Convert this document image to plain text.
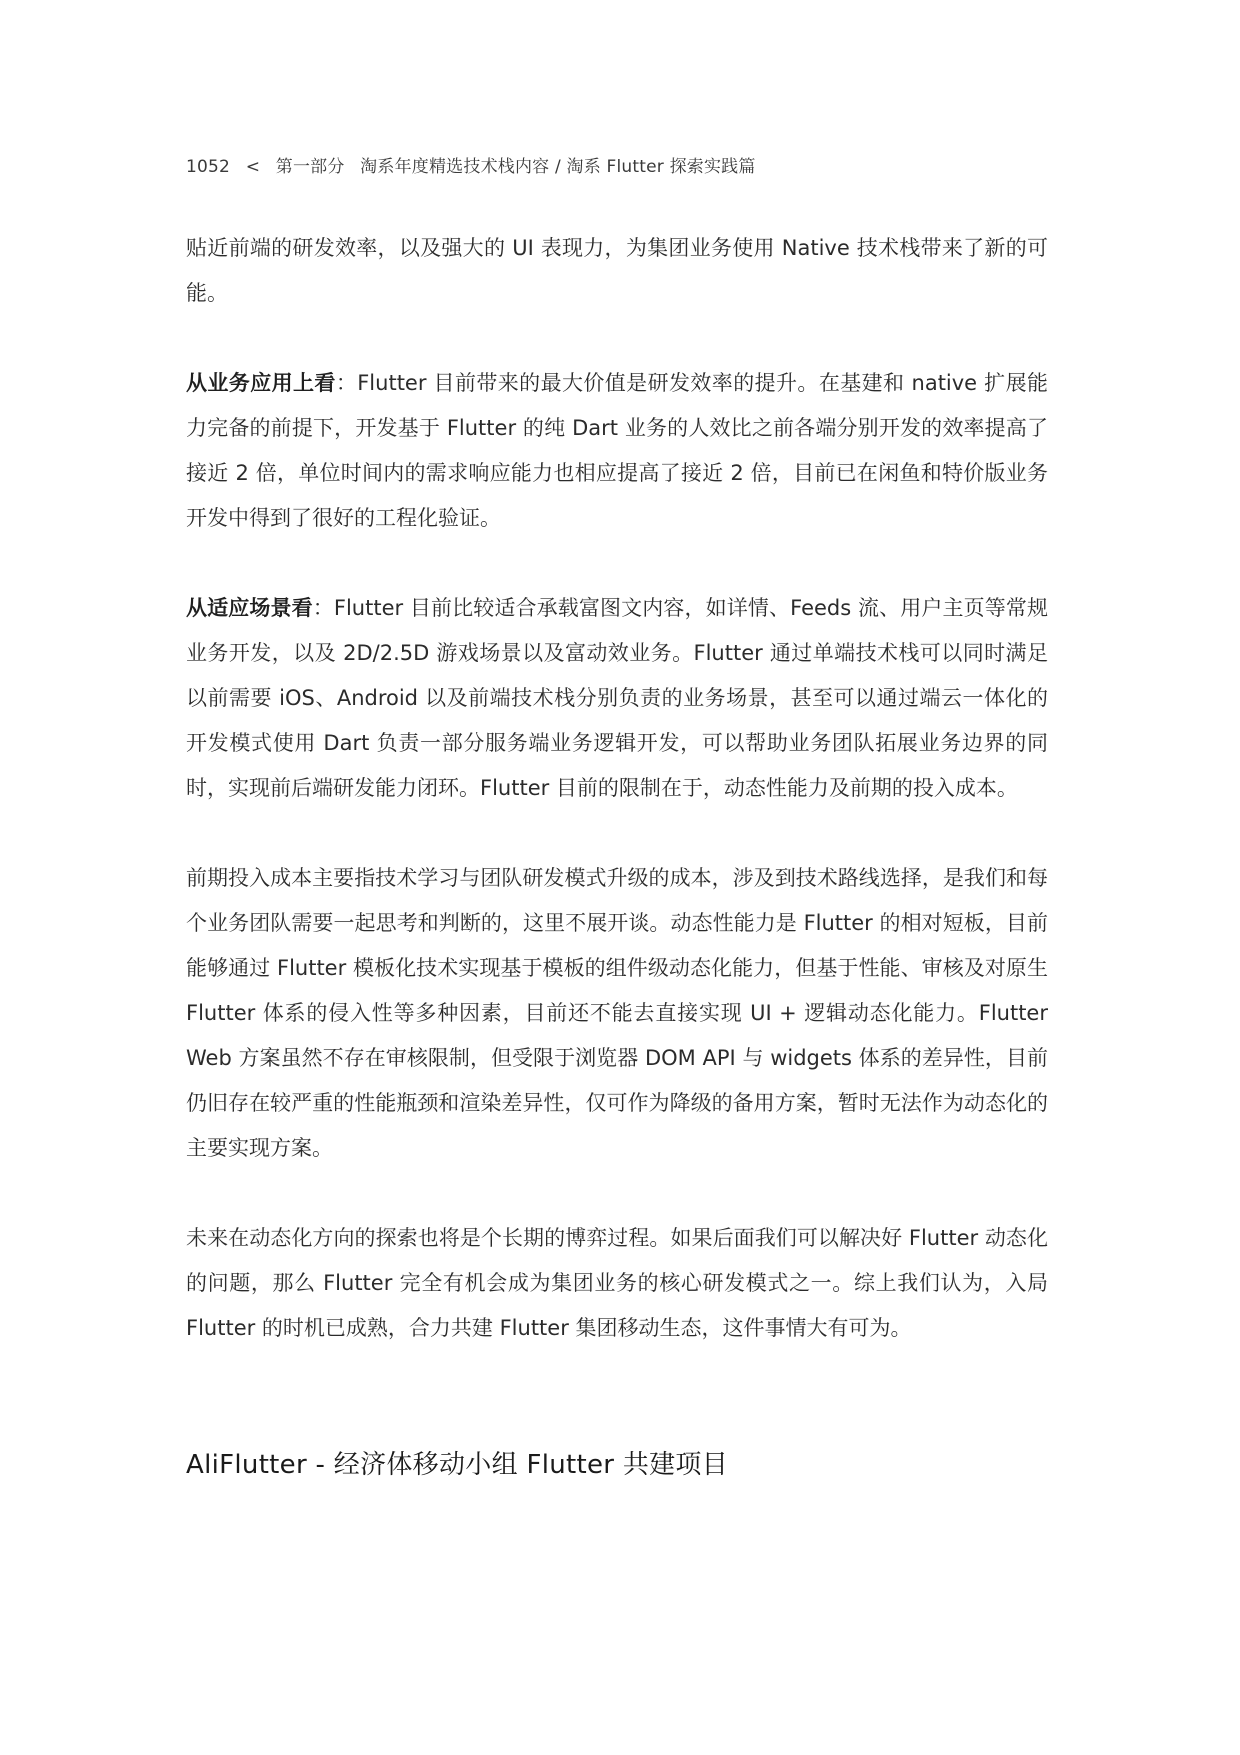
1052 < 第一部分 淘系年度精选技术栈内容 / 淘系 Flutter 探索实践篇

贴近前端的研发效率，以及强大的 UI 表现力，为集团业务使用 Native 技术栈带来了新的可能。

从业务应用上看：Flutter 目前带来的最大价值是研发效率的提升。在基建和 native 扩展能力完备的前提下，开发基于 Flutter 的纯 Dart 业务的人效比之前各端分别开发的效率提高了接近 2 倍，单位时间内的需求响应能力也相应提高了接近 2 倍，目前已在闲鱼和特价版业务开发中得到了很好的工程化验证。

从适应场景看：Flutter 目前比较适合承载富图文内容，如详情、Feeds 流、用户主页等常规业务开发，以及 2D/2.5D 游戏场景以及富动效业务。Flutter 通过单端技术栈可以同时满足以前需要 iOS、Android 以及前端技术栈分别负责的业务场景，甚至可以通过端云一体化的开发模式使用 Dart 负责一部分服务端业务逻辑开发，可以帮助业务团队拓展业务边界的同时，实现前后端研发能力闭环。Flutter 目前的限制在于，动态性能力及前期的投入成本。

前期投入成本主要指技术学习与团队研发模式升级的成本，涉及到技术路线选择，是我们和每个业务团队需要一起思考和判断的，这里不展开谈。动态性能力是 Flutter 的相对短板，目前能够通过 Flutter 模板化技术实现基于模板的组件级动态化能力，但基于性能、审核及对原生 Flutter 体系的侵入性等多种因素，目前还不能去直接实现 UI + 逻辑动态化能力。Flutter Web 方案虽然不存在审核限制，但受限于浏览器 DOM API 与 widgets 体系的差异性，目前仍旧存在较严重的性能瓶颈和渲染差异性，仅可作为降级的备用方案，暂时无法作为动态化的主要实现方案。

未来在动态化方向的探索也将是个长期的博弈过程。如果后面我们可以解决好 Flutter 动态化的问题，那么 Flutter 完全有机会成为集团业务的核心研发模式之一。综上我们认为，入局 Flutter 的时机已成熟，合力共建 Flutter 集团移动生态，这件事情大有可为。

AliFlutter - 经济体移动小组 Flutter 共建项目
